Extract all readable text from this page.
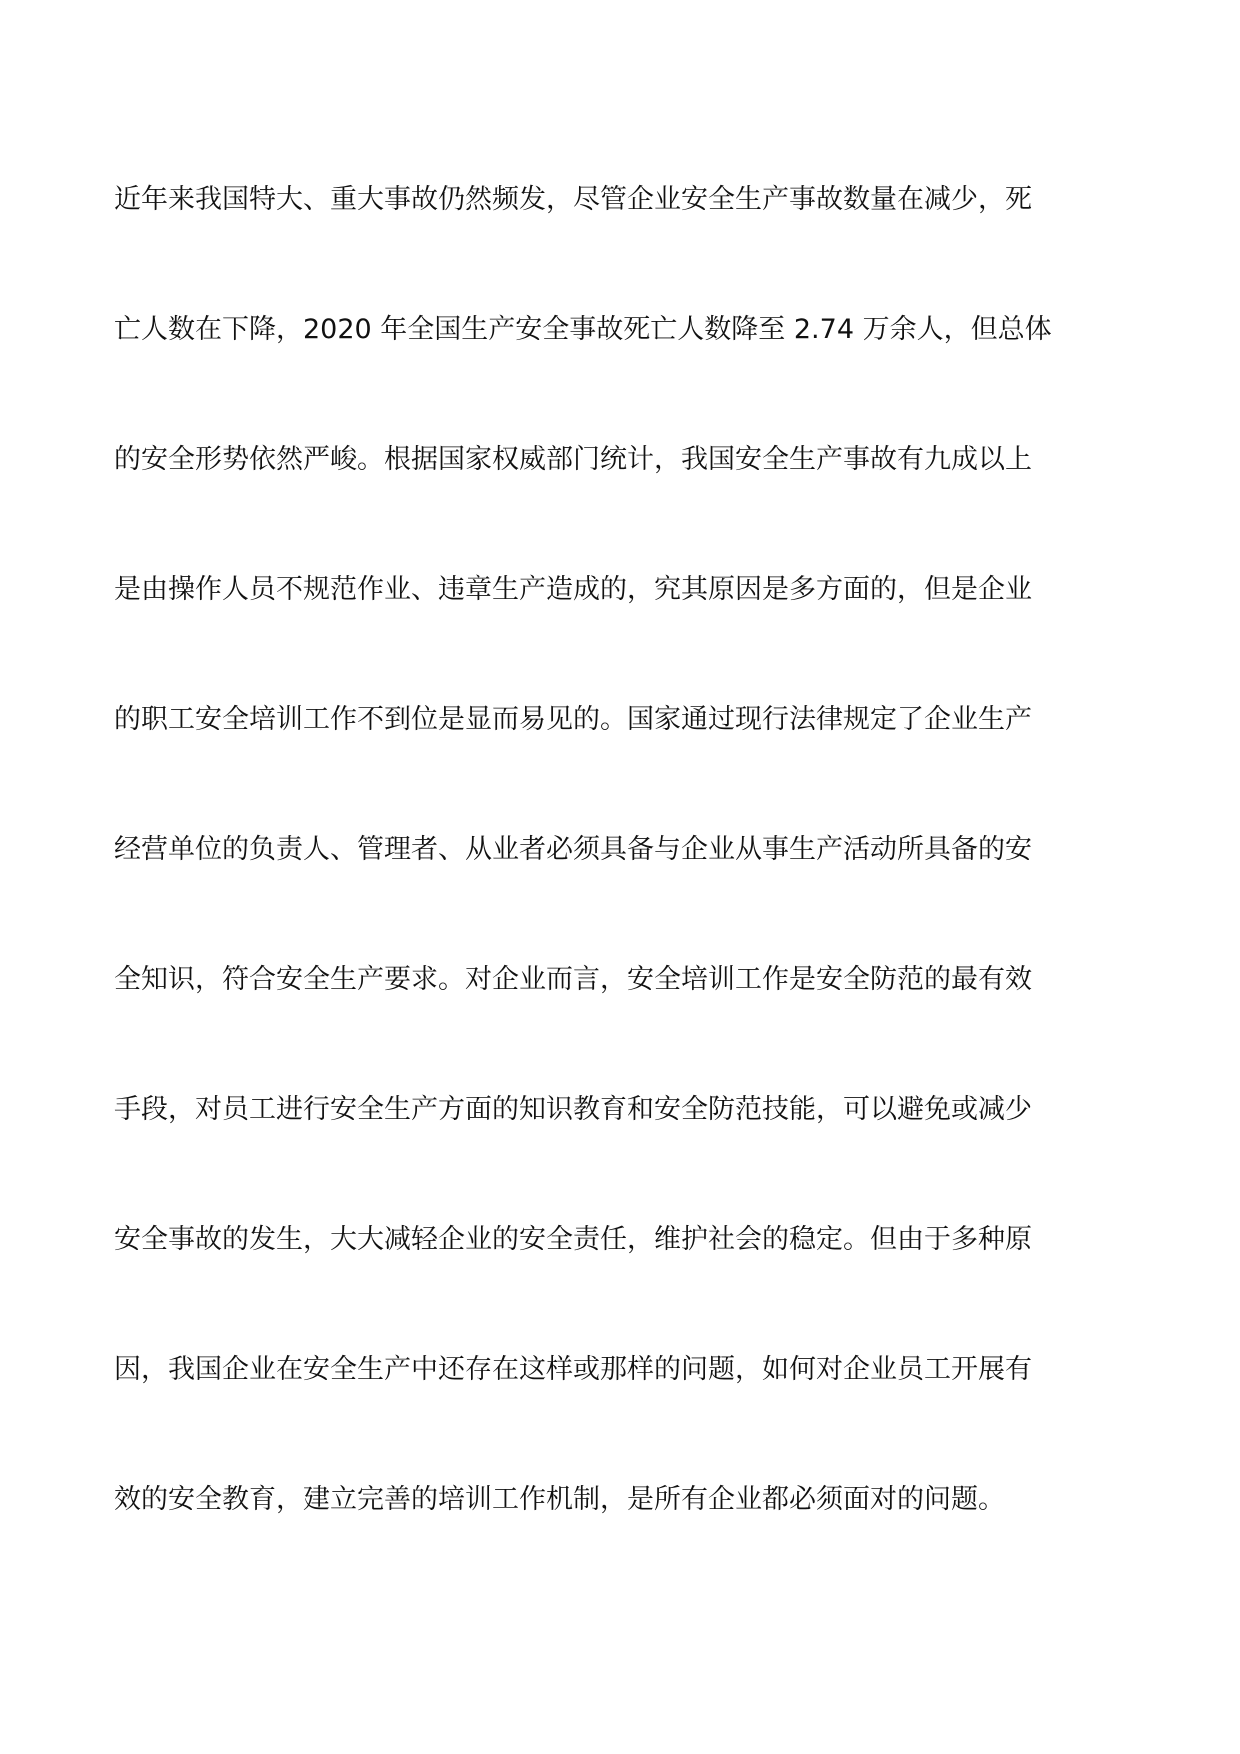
近年来我国特大、重大事故仍然频发，尽管企业安全生产事故数量在减少，死
亡人数在下降，2020 年全国生产安全事故死亡人数降至 2.74 万余人，但总体
的安全形势依然严峻。根据国家权威部门统计，我国安全生产事故有九成以上
是由操作人员不规范作业、违章生产造成的，究其原因是多方面的，但是企业
的职工安全培训工作不到位是显而易见的。国家通过现行法律规定了企业生产
经营单位的负责人、管理者、从业者必须具备与企业从事生产活动所具备的安
全知识，符合安全生产要求。对企业而言，安全培训工作是安全防范的最有效
手段，对员工进行安全生产方面的知识教育和安全防范技能，可以避免或减少
安全事故的发生，大大减轻企业的安全责任，维护社会的稳定。但由于多种原
因，我国企业在安全生产中还存在这样或那样的问题，如何对企业员工开展有
效的安全教育，建立完善的培训工作机制，是所有企业都必须面对的问题。
